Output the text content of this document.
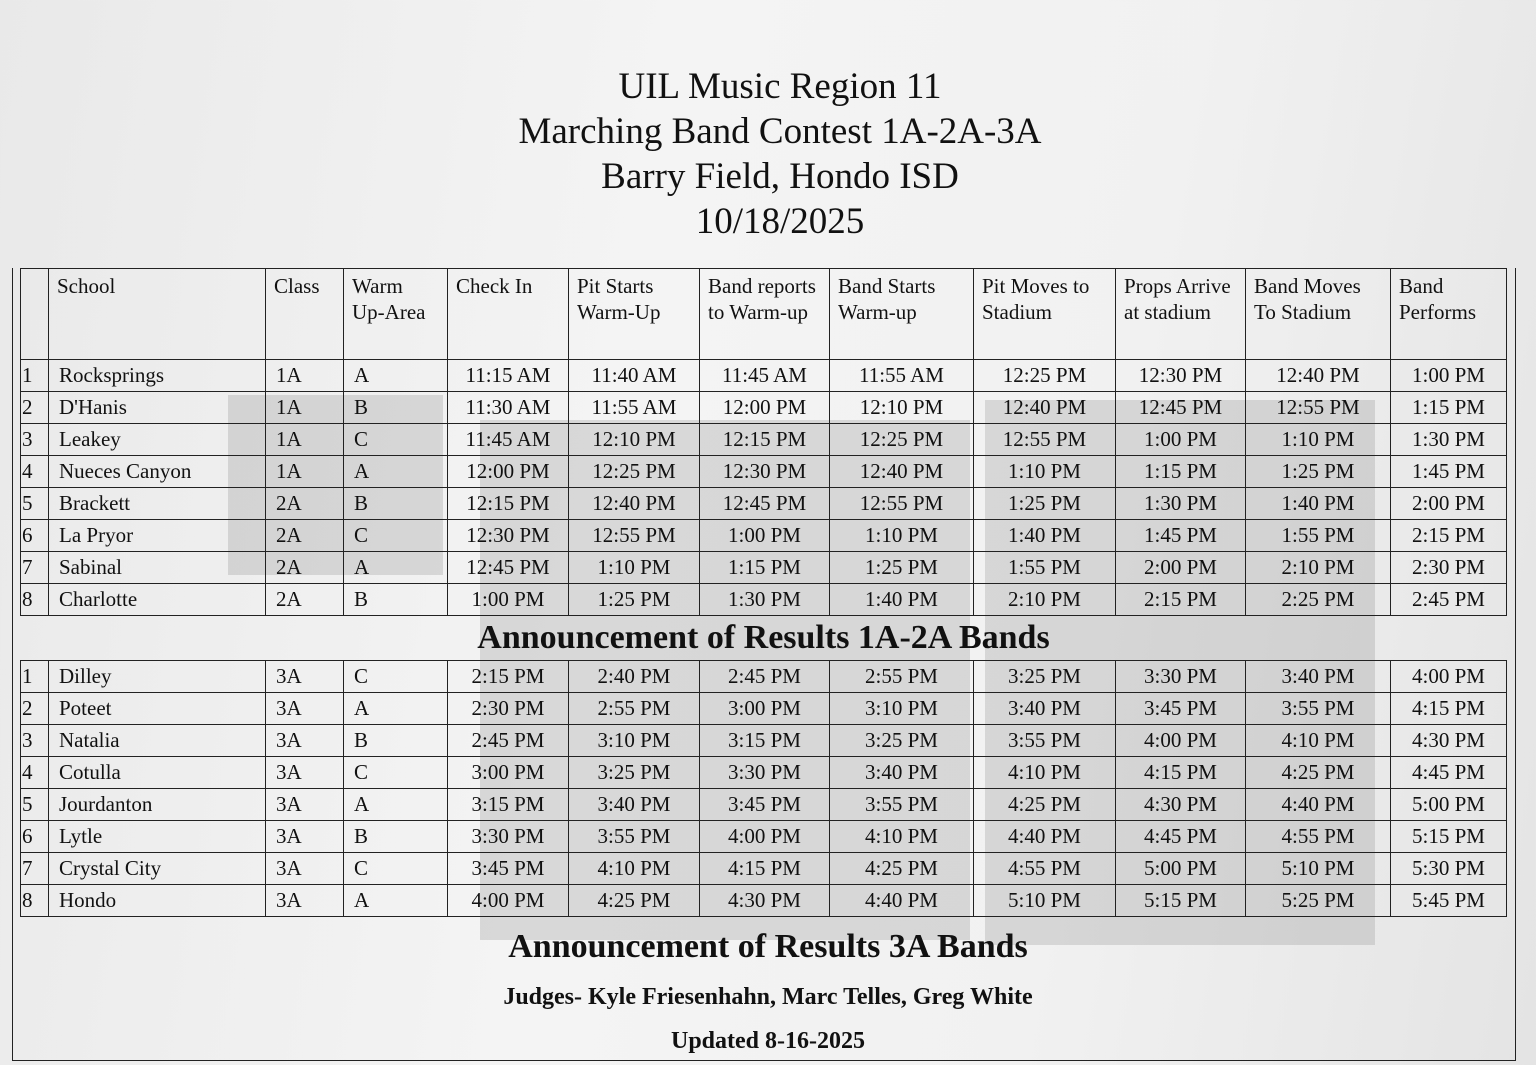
UIL Music Region 11
Marching Band Contest 1A-2A-3A
Barry Field, Hondo ISD
10/18/2025
	School	Class	Warm Up-Area	Check In	Pit Starts Warm-Up	Band reports to Warm-up	Band Starts Warm-up	Pit Moves to Stadium	Props Arrive at stadium	Band Moves To Stadium	Band Performs
1	Rocksprings	1A	A	11:15 AM	11:40 AM	11:45 AM	11:55 AM	12:25 PM	12:30 PM	12:40 PM	1:00 PM
2	D'Hanis	1A	B	11:30 AM	11:55 AM	12:00 PM	12:10 PM	12:40 PM	12:45 PM	12:55 PM	1:15 PM
3	Leakey	1A	C	11:45 AM	12:10 PM	12:15 PM	12:25 PM	12:55 PM	1:00 PM	1:10 PM	1:30 PM
4	Nueces Canyon	1A	A	12:00 PM	12:25 PM	12:30 PM	12:40 PM	1:10 PM	1:15 PM	1:25 PM	1:45 PM
5	Brackett	2A	B	12:15 PM	12:40 PM	12:45 PM	12:55 PM	1:25 PM	1:30 PM	1:40 PM	2:00 PM
6	La Pryor	2A	C	12:30 PM	12:55 PM	1:00 PM	1:10 PM	1:40 PM	1:45 PM	1:55 PM	2:15 PM
7	Sabinal	2A	A	12:45 PM	1:10 PM	1:15 PM	1:25 PM	1:55 PM	2:00 PM	2:10 PM	2:30 PM
8	Charlotte	2A	B	1:00 PM	1:25 PM	1:30 PM	1:40 PM	2:10 PM	2:15 PM	2:25 PM	2:45 PM
Announcement of Results 1A-2A Bands											
1	Dilley	3A	C	2:15 PM	2:40 PM	2:45 PM	2:55 PM	3:25 PM	3:30 PM	3:40 PM	4:00 PM
2	Poteet	3A	A	2:30 PM	2:55 PM	3:00 PM	3:10 PM	3:40 PM	3:45 PM	3:55 PM	4:15 PM
3	Natalia	3A	B	2:45 PM	3:10 PM	3:15 PM	3:25 PM	3:55 PM	4:00 PM	4:10 PM	4:30 PM
4	Cotulla	3A	C	3:00 PM	3:25 PM	3:30 PM	3:40 PM	4:10 PM	4:15 PM	4:25 PM	4:45 PM
5	Jourdanton	3A	A	3:15 PM	3:40 PM	3:45 PM	3:55 PM	4:25 PM	4:30 PM	4:40 PM	5:00 PM
6	Lytle	3A	B	3:30 PM	3:55 PM	4:00 PM	4:10 PM	4:40 PM	4:45 PM	4:55 PM	5:15 PM
7	Crystal City	3A	C	3:45 PM	4:10 PM	4:15 PM	4:25 PM	4:55 PM	5:00 PM	5:10 PM	5:30 PM
8	Hondo	3A	A	4:00 PM	4:25 PM	4:30 PM	4:40 PM	5:10 PM	5:15 PM	5:25 PM	5:45 PM
Announcement of Results 3A Bands
Judges- Kyle Friesenhahn, Marc Telles, Greg White
Updated 8-16-2025
